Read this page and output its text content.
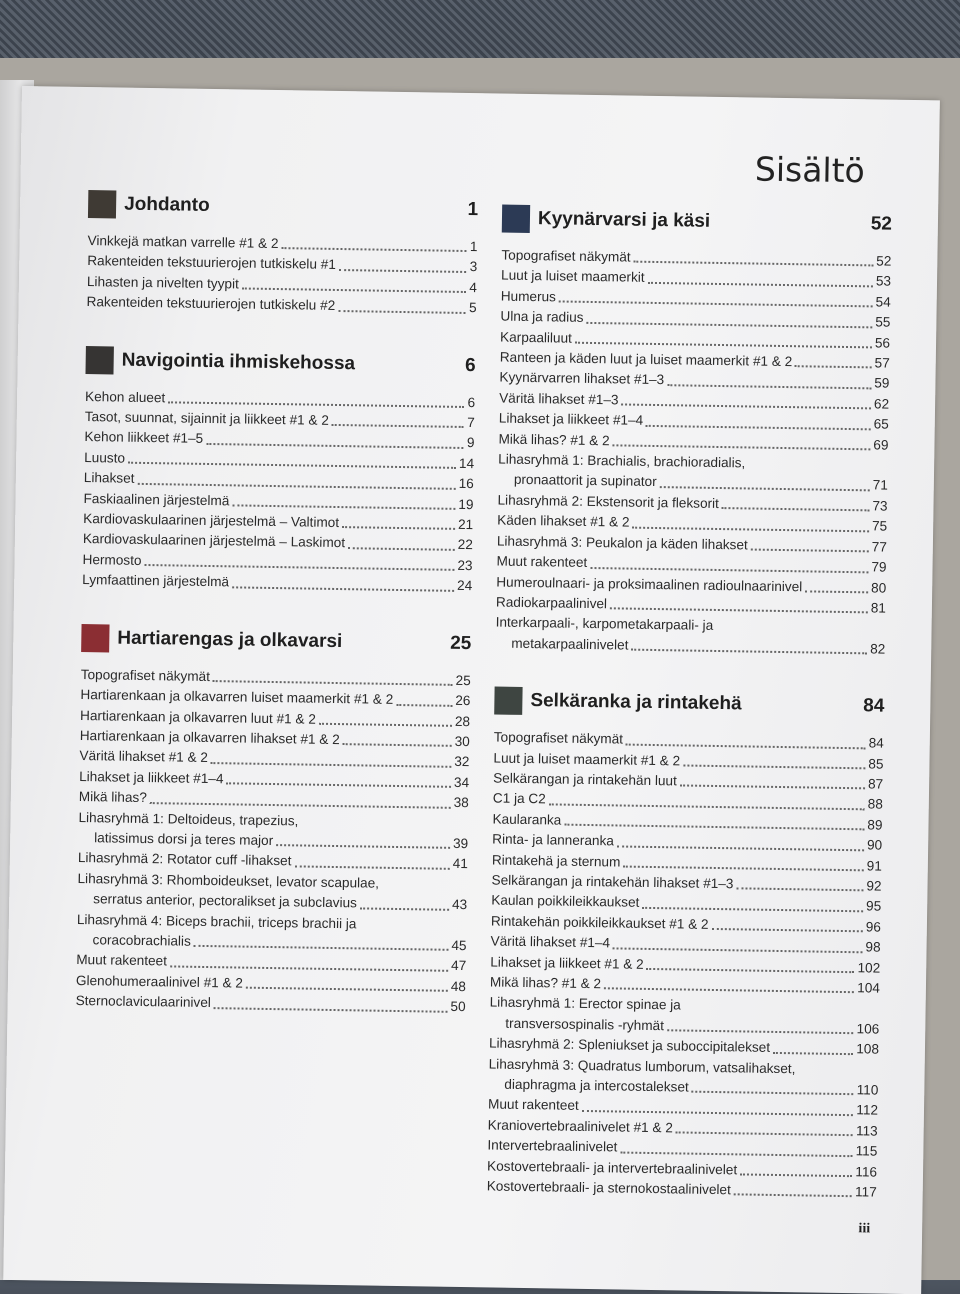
Sisältö
Johdanto	1
Vinkkejä matkan varrelle #1 & 2	1
Rakenteiden tekstuurierojen tutkiskelu #1	3
Lihasten ja nivelten tyypit	4
Rakenteiden tekstuurierojen tutkiskelu #2	5
Navigointia ihmiskehossa	6
Kehon alueet	6
Tasot, suunnat, sijainnit ja liikkeet #1 & 2	7
Kehon liikkeet #1–5	9
Luusto	14
Lihakset	16
Faskiaalinen järjestelmä	19
Kardiovaskulaarinen järjestelmä – Valtimot	21
Kardiovaskulaarinen järjestelmä – Laskimot	22
Hermosto	23
Lymfaattinen järjestelmä	24
Hartiarengas ja olkavarsi	25
Topografiset näkymät	25
Hartiarenkaan ja olkavarren luiset maamerkit #1 & 2	26
Hartiarenkaan ja olkavarren luut #1 & 2	28
Hartiarenkaan ja olkavarren lihakset #1 & 2	30
Väritä lihakset #1 & 2	32
Lihakset ja liikkeet #1–4	34
Mikä lihas?	38
Lihasryhmä 1: Deltoideus, trapezius,
latissimus dorsi ja teres major	39
Lihasryhmä 2: Rotator cuff -lihakset	41
Lihasryhmä 3: Rhomboideukset, levator scapulae,
serratus anterior, pectoralikset ja subclavius	43
Lihasryhmä 4: Biceps brachii, triceps brachii ja
coracobrachialis	45
Muut rakenteet	47
Glenohumeraalinivel #1 & 2	48
Sternoclaviculaarinivel	50
Kyynärvarsi ja käsi	52
Topografiset näkymät	52
Luut ja luiset maamerkit	53
Humerus	54
Ulna ja radius	55
Karpaaliluut	56
Ranteen ja käden luut ja luiset maamerkit #1 & 2	57
Kyynärvarren lihakset #1–3	59
Väritä lihakset #1–3	62
Lihakset ja liikkeet #1–4	65
Mikä lihas? #1 & 2	69
Lihasryhmä 1: Brachialis, brachioradialis,
pronaattorit ja supinator	71
Lihasryhmä 2: Ekstensorit ja fleksorit	73
Käden lihakset #1 & 2	75
Lihasryhmä 3: Peukalon ja käden lihakset	77
Muut rakenteet	79
Humeroulnaari- ja proksimaalinen radioulnaarinivel	80
Radiokarpaalinivel	81
Interkarpaali-, karpometakarpaali- ja
metakarpaalinivelet	82
Selkäranka ja rintakehä	84
Topografiset näkymät	84
Luut ja luiset maamerkit #1 & 2	85
Selkärangan ja rintakehän luut	87
C1 ja C2	88
Kaularanka	89
Rinta- ja lanneranka	90
Rintakehä ja sternum	91
Selkärangan ja rintakehän lihakset #1–3	92
Kaulan poikkileikkaukset	95
Rintakehän poikkileikkaukset #1 & 2	96
Väritä lihakset #1–4	98
Lihakset ja liikkeet #1 & 2	102
Mikä lihas? #1 & 2	104
Lihasryhmä 1: Erector spinae ja
transversospinalis -ryhmät	106
Lihasryhmä 2: Spleniukset ja suboccipitalekset	108
Lihasryhmä 3: Quadratus lumborum, vatsalihakset,
diaphragma ja intercostalekset	110
Muut rakenteet	112
Kraniovertebraalinivelet #1 & 2	113
Intervertebraalinivelet	115
Kostovertebraali- ja intervertebraalinivelet	116
Kostovertebraali- ja sternokostaalinivelet	117
iii
